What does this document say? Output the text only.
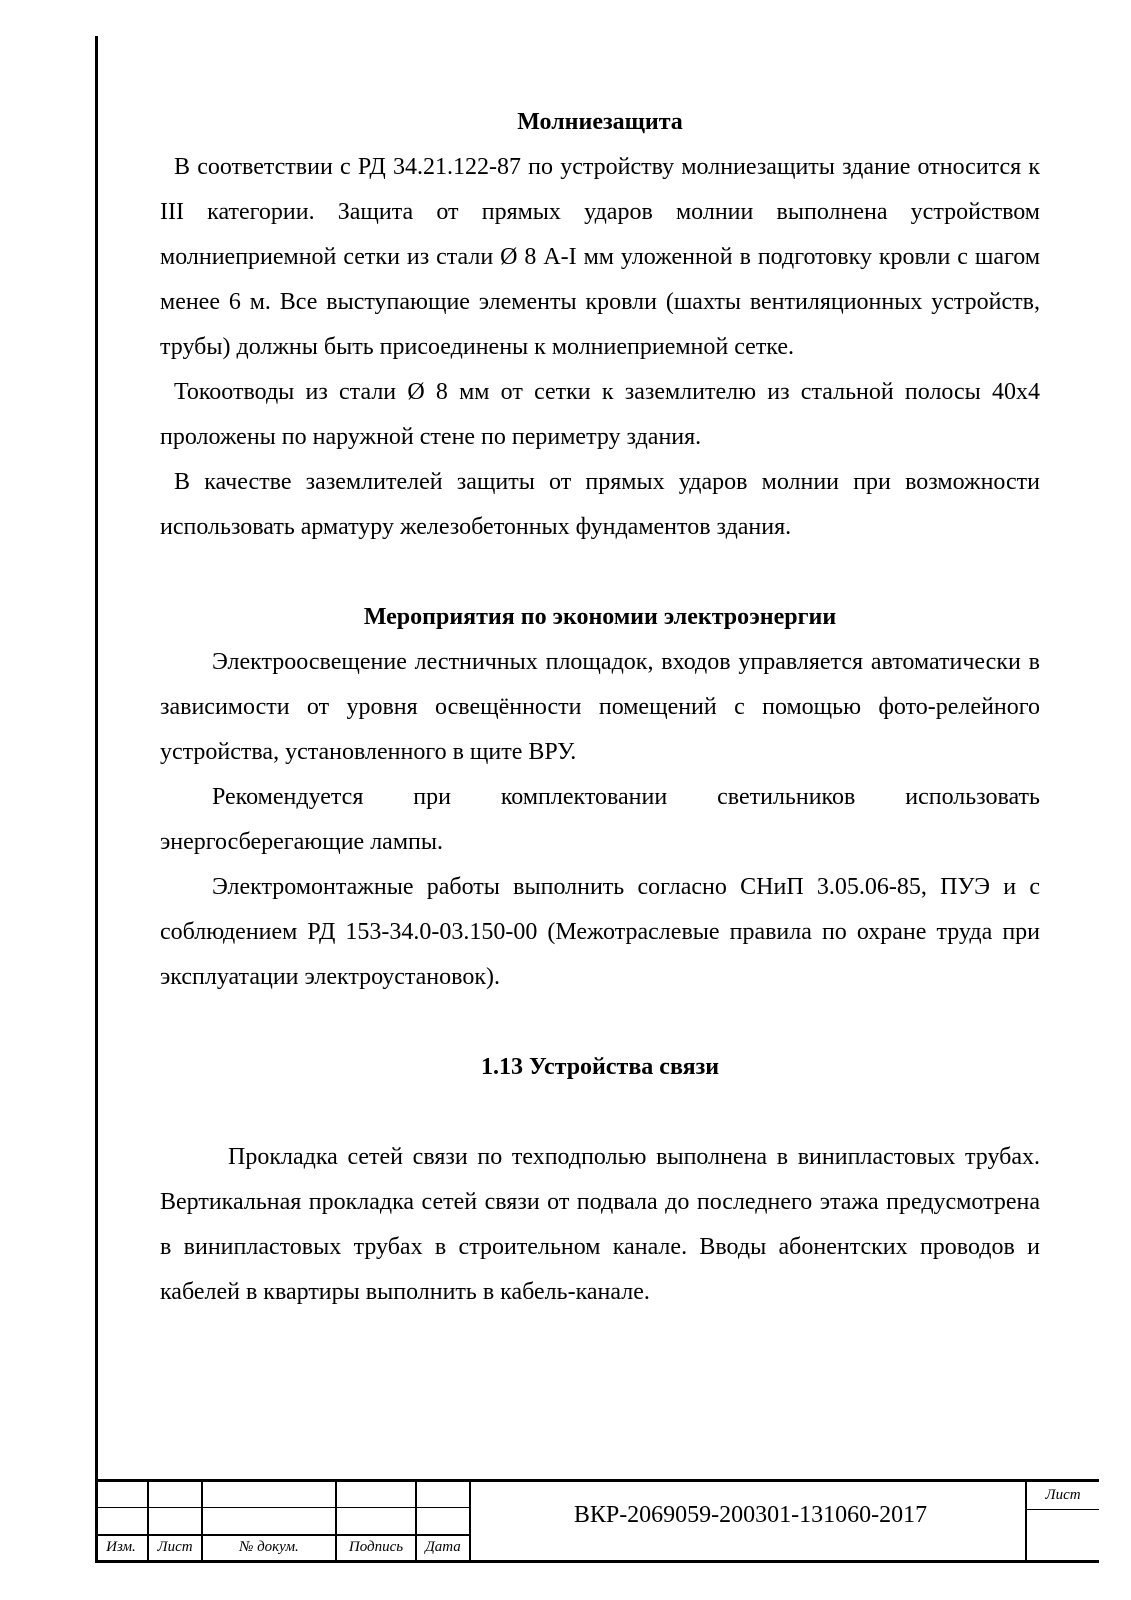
Молниезащита

В соответствии с РД 34.21.122-87 по устройству молниезащиты здание относится к III категории. Защита от прямых ударов молнии выполнена устройством молниеприемной сетки из стали Ø 8 А-I мм уложенной в подготовку кровли с шагом менее 6 м. Все выступающие элементы кровли (шахты вентиляционных устройств, трубы) должны быть присоединены к молниеприемной сетке.

Токоотводы из стали Ø 8 мм от сетки к заземлителю из стальной полосы 40х4 проложены по наружной стене по периметру здания.

В качестве заземлителей защиты от прямых ударов молнии при возможности использовать арматуру железобетонных фундаментов здания.

Мероприятия по экономии электроэнергии

Электроосвещение лестничных площадок, входов управляется автоматически в зависимости от уровня освещённости помещений с помощью фото-релейного устройства, установленного в щите ВРУ.

Рекомендуется при комплектовании светильников использовать энергосберегающие лампы.

Электромонтажные работы выполнить согласно СНиП 3.05.06-85, ПУЭ и с соблюдением РД 153-34.0-03.150-00 (Межотраслевые правила по охране труда при эксплуатации электроустановок).

1.13 Устройства связи

Прокладка сетей связи по техподполью выполнена в винипластовых трубах. Вертикальная прокладка сетей связи от подвала до последнего этажа предусмотрена в винипластовых трубах в строительном канале. Вводы абонентских проводов и кабелей в квартиры выполнить в кабель-канале.

Изм.	Лист	№ докум.	Подпись	Дата
ВКР-2069059-200301-131060-2017
Лист
